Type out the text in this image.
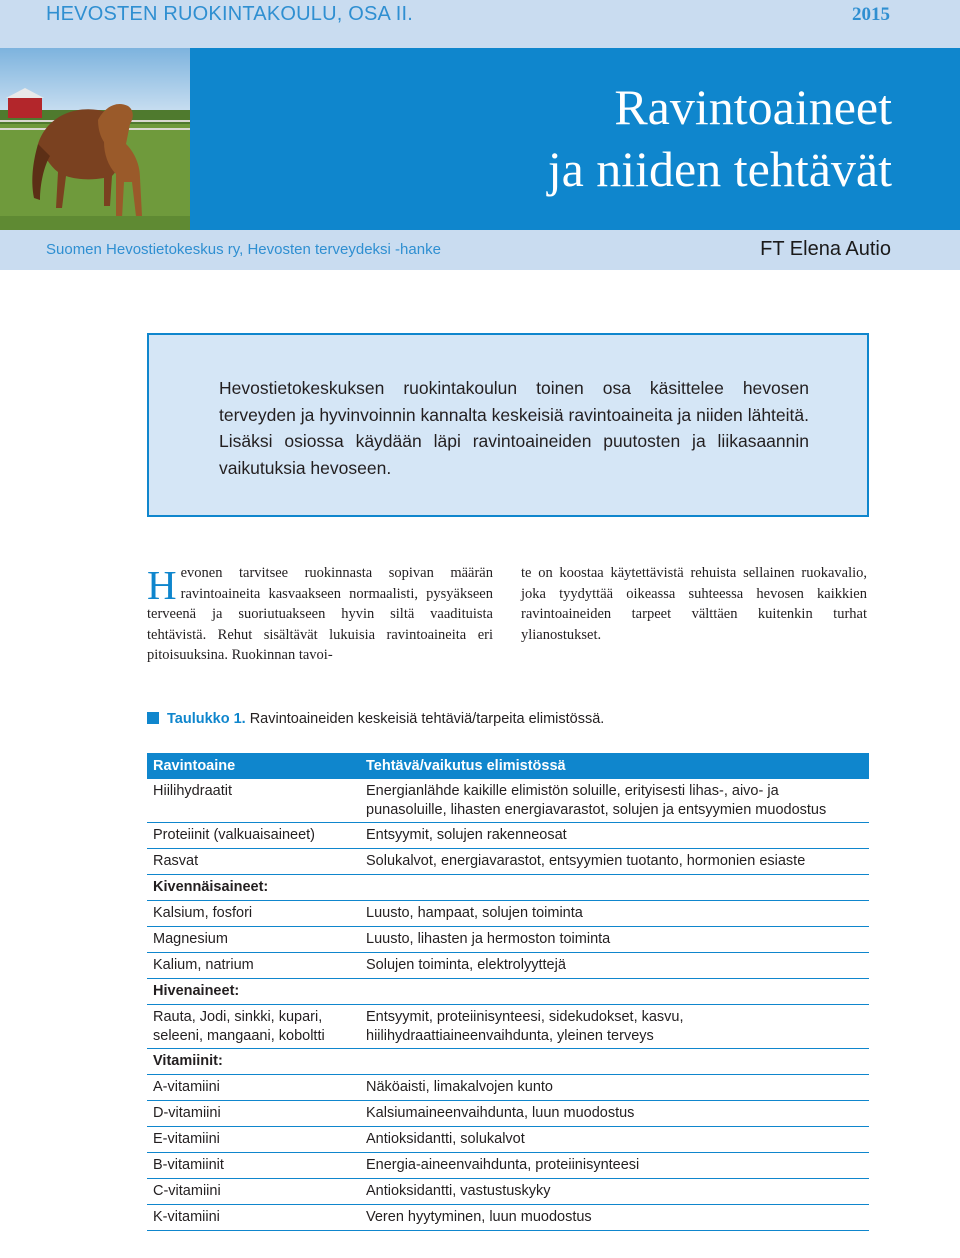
HEVOSTEN RUOKINTAKOULU, OSA II.	2015
Ravintoaineet
ja niiden tehtävät
Suomen Hevostietokeskus ry, Hevosten terveydeksi -hanke	FT Elena Autio
Hevostietokeskuksen ruokintakoulun toinen osa käsittelee hevosen terveyden ja hyvinvoinnin kannalta keskeisiä ravintoaineita ja niiden lähteitä. Lisäksi osiossa käydään läpi ravintoaineiden puutosten ja liikasaannin vaikutuksia hevoseen.
H evonen tarvitsee ruokinnasta sopivan määrän ravintoaineita kasvaakseen normaalisti, pysyäkseen terveenä ja suoriutuakseen hyvin siltä vaadituista tehtävistä. Rehut sisältävät lukuisia ravintoaineita eri pitoisuuksina. Ruokinnan tavoi-
te on koostaa käytettävistä rehuista sellainen ruokavalio, joka tyydyttää oikeassa suhteessa hevosen kaikkien ravintoaineiden tarpeet välttäen kuitenkin turhat ylianostukset.
Taulukko 1. Ravintoaineiden keskeisiä tehtäviä/tarpeita elimistössä.
Ravintoaine	Tehtävä/vaikutus elimistössä
Hiilihydraatit	Energianlähde kaikille elimistön soluille, erityisesti lihas-, aivo- ja punasoluille, lihasten energiavarastot, solujen ja entsyymien muodostus
Proteiinit (valkuaisaineet)	Entsyymit, solujen rakenneosat
Rasvat	Solukalvot, energiavarastot, entsyymien tuotanto, hormonien esiaste
Kivennäisaineet:	
Kalsium, fosfori	Luusto, hampaat, solujen toiminta
Magnesium	Luusto, lihasten ja hermoston toiminta
Kalium, natrium	Solujen toiminta, elektrolyyttejä
Hivenaineet:	
Rauta, Jodi, sinkki, kupari, seleeni, mangaani, koboltti	Entsyymit, proteiinisynteesi, sidekudokset, kasvu, hiilihydraattiaineenvaihdunta, yleinen terveys
Vitamiinit:	
A-vitamiini	Näköaisti, limakalvojen kunto
D-vitamiini	Kalsiumaineenvaihdunta, luun muodostus
E-vitamiini	Antioksidantti, solukalvot
B-vitamiinit	Energia-aineenvaihdunta, proteiinisynteesi
C-vitamiini	Antioksidantti, vastustuskyky
K-vitamiini	Veren hyytyminen, luun muodostus
